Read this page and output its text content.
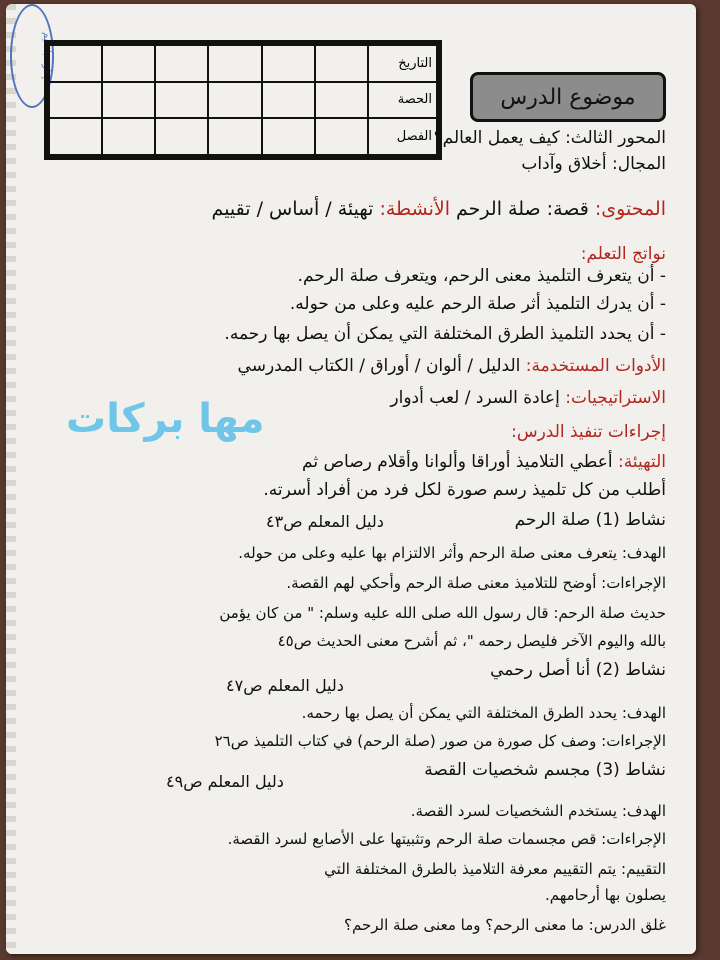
إدارة بلطيم
							التاريخ
						الحصة
						الفصل
موضوع الدرس
المحور الثالث: كيف يعمل العالم؟
المجال: أخلاق وآداب
المحتوى: قصة: صلة الرحم الأنشطة: تهيئة / أساس / تقييم
نواتج التعلم:
- أن يتعرف التلميذ معنى الرحم، ويتعرف صلة الرحم.
- أن يدرك التلميذ أثر صلة الرحم عليه وعلى من حوله.
- أن يحدد التلميذ الطرق المختلفة التي يمكن أن يصل بها رحمه.
الأدوات المستخدمة: الدليل / ألوان / أوراق / الكتاب المدرسي
الاستراتيجيات: إعادة السرد / لعب أدوار
مها بركات	إجراءات تنفيذ الدرس:
التهيئة: أعطي التلاميذ أوراقا وألوانا وأقلام رصاص ثم
أطلب من كل تلميذ رسم صورة لكل فرد من أفراد أسرته.
نشاط (1) صلة الرحم
دليل المعلم ص٤٣
الهدف: يتعرف معنى صلة الرحم وأثر الالتزام بها عليه وعلى من حوله.
الإجراءات: أوضح للتلاميذ معنى صلة الرحم وأحكي لهم القصة.
حديث صلة الرحم: قال رسول الله صلى الله عليه وسلم: " من كان يؤمن
بالله واليوم الآخر فليصل رحمه "، ثم أشرح معنى الحديث ص٤٥
نشاط (2) أنا أصل رحمي
دليل المعلم ص٤٧
الهدف: يحدد الطرق المختلفة التي يمكن أن يصل بها رحمه.
الإجراءات: وصف كل صورة من صور (صلة الرحم) في كتاب التلميذ ص٢٦
نشاط (3) مجسم شخصيات القصة
دليل المعلم ص٤٩
الهدف: يستخدم الشخصيات لسرد القصة.
الإجراءات: قص مجسمات صلة الرحم وتثبيتها على الأصابع لسرد القصة.
التقييم: يتم التقييم معرفة التلاميذ بالطرق المختلفة التي
يصلون بها أرحامهم.
غلق الدرس: ما معنى الرحم؟ وما معنى صلة الرحم؟
